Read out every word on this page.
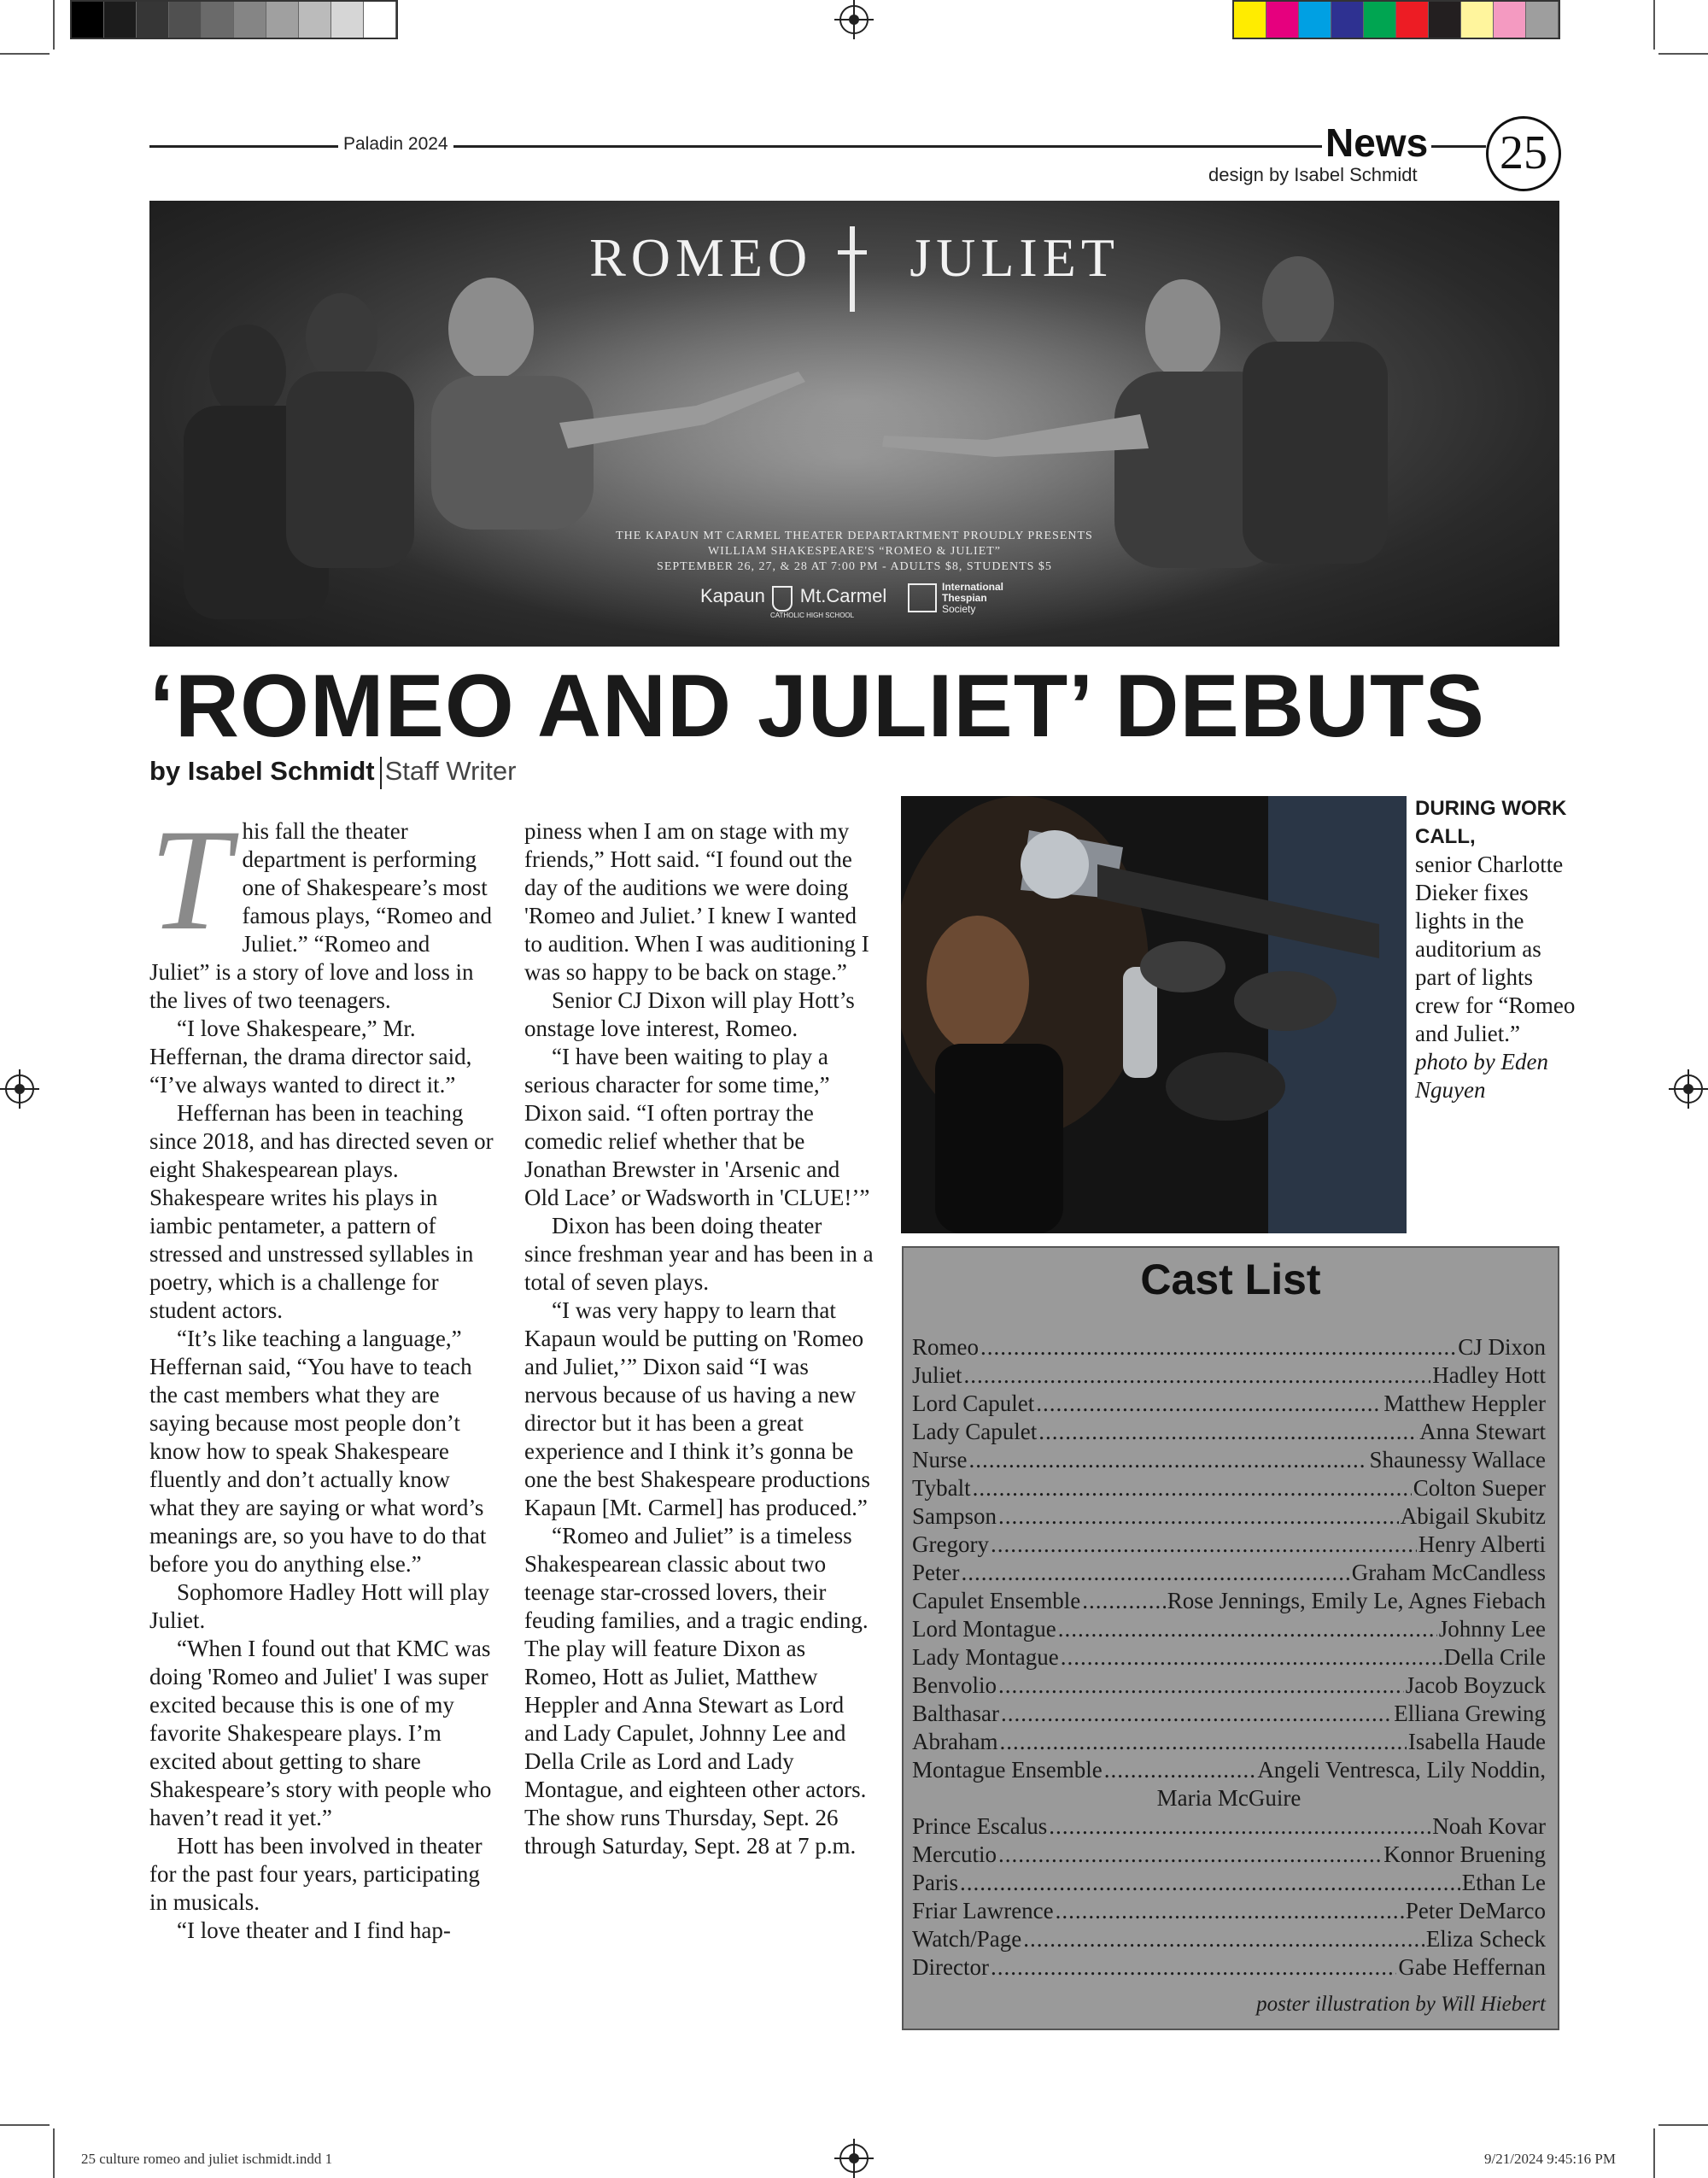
Paladin 2024	News
design by Isabel Schmidt 25
ROMEO JULIET
THE KAPAUN MT CARMEL THEATER DEPARTARTMENT PROUDLY PRESENTS
WILLIAM SHAKESPEARE'S “ROMEO & JULIET”
SEPTEMBER 26, 27, & 28 AT 7:00 PM - ADULTS $8, STUDENTS $5
Kapaun Mt.Carmel
CATHOLIC HIGH SCHOOL
International
Thespian
Society
‘ROMEO AND JULIET’ DEBUTS
by Isabel Schmidt Staff Writer

This fall the theater department is performing one of Shakespeare’s most famous plays, “Romeo and Juliet.” “Romeo and Juliet” is a story of love and loss in the lives of two teenagers.

“I love Shakespeare,” Mr. Heffernan, the drama director said, “I’ve always wanted to direct it.”

Heffernan has been in teaching since 2018, and has directed seven or eight Shakespearean plays. Shakespeare writes his plays in iambic pentameter, a pattern of stressed and unstressed syllables in poetry, which is a challenge for student actors.

“It’s like teaching a language,” Heffernan said, “You have to teach the cast members what they are saying because most people don’t know how to speak Shakespeare fluently and don’t actually know what they are saying or what word’s meanings are, so you have to do that before you do anything else.”

Sophomore Hadley Hott will play Juliet.

“When I found out that KMC was doing 'Romeo and Juliet' I was super excited because this is one of my favorite Shakespeare plays. I’m excited about getting to share Shakespeare’s story with people who haven’t read it yet.”

Hott has been involved in theater for the past four years, participating in musicals.

“I love theater and I find hap-

piness when I am on stage with my friends,” Hott said. “I found out the day of the auditions we were doing 'Romeo and Juliet.’ I knew I wanted to audition. When I was auditioning I was so happy to be back on stage.”

Senior CJ Dixon will play Hott’s onstage love interest, Romeo.

“I have been waiting to play a serious character for some time,” Dixon said. “I often portray the comedic relief whether that be Jonathan Brewster in 'Arsenic and Old Lace’ or Wadsworth in 'CLUE!’”

Dixon has been doing theater since freshman year and has been in a total of seven plays.

“I was very happy to learn that Kapaun would be putting on 'Romeo and Juliet,’” Dixon said “I was nervous because of us having a new director but it has been a great experience and I think it’s gonna be one the best Shakespeare productions Kapaun [Mt. Carmel] has produced.”

“Romeo and Juliet” is a timeless Shakespearean classic about two teenage star-crossed lovers, their feuding families, and a tragic ending. The play will feature Dixon as Romeo, Hott as Juliet, Matthew Heppler and Anna Stewart as Lord and Lady Capulet, Johnny Lee and Della Crile as Lord and Lady Montague, and eighteen other actors. The show runs Thursday, Sept. 26 through Saturday, Sept. 28 at 7 p.m.

DURING WORK CALL,
senior Charlotte Dieker fixes lights in the auditorium as part of lights crew for “Romeo and Juliet.”
photo by Eden Nguyen
Cast List
Romeo .....	CJ Dixon
Juliet .....	Hadley Hott
Lord Capulet .....	Matthew Heppler
Lady Capulet .....	Anna Stewart
Nurse .....	Shaunessy Wallace
Tybalt .....	Colton Sueper
Sampson .....	Abigail Skubitz
Gregory .....	Henry Alberti
Peter .....	Graham McCandless
Capulet Ensemble .....	Rose Jennings, Emily Le, Agnes Fiebach
Lord Montague .....	Johnny Lee
Lady Montague .....	Della Crile
Benvolio .....	Jacob Boyzuck
Balthasar .....	Elliana Grewing
Abraham .....	Isabella Haude
Montague Ensemble .....	Angeli Ventresca, Lily Noddin,
Maria McGuire
Prince Escalus .....	Noah Kovar
Mercutio .....	Konnor Bruening
Paris .....	Ethan Le
Friar Lawrence .....	Peter DeMarco
Watch/Page .....	Eliza Scheck
Director .....	Gabe Heffernan
poster illustration by Will Hiebert
25 culture romeo and juliet ischmidt.indd 1	9/21/2024 9:45:16 PM
